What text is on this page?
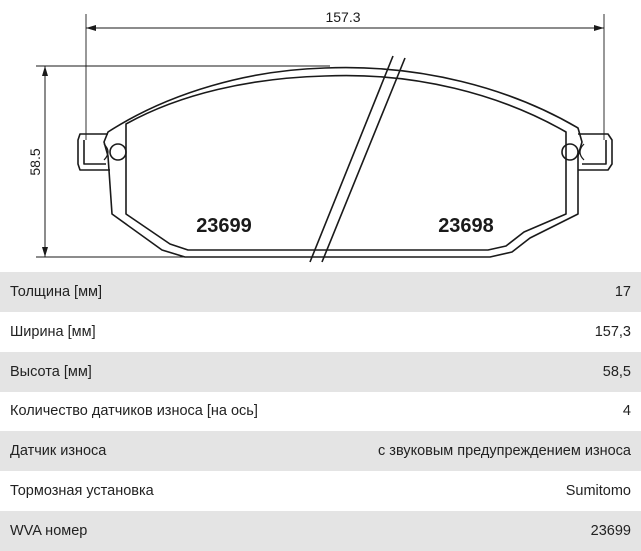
157.3
58.5
23699	23698
Толщина [мм]	17
Ширина [мм]	157,3
Высота [мм]	58,5
Количество датчиков износа [на ось]	4
Датчик износа	с звуковым предупреждением износа
Тормозная установка	Sumitomo
WVA номер	23699
